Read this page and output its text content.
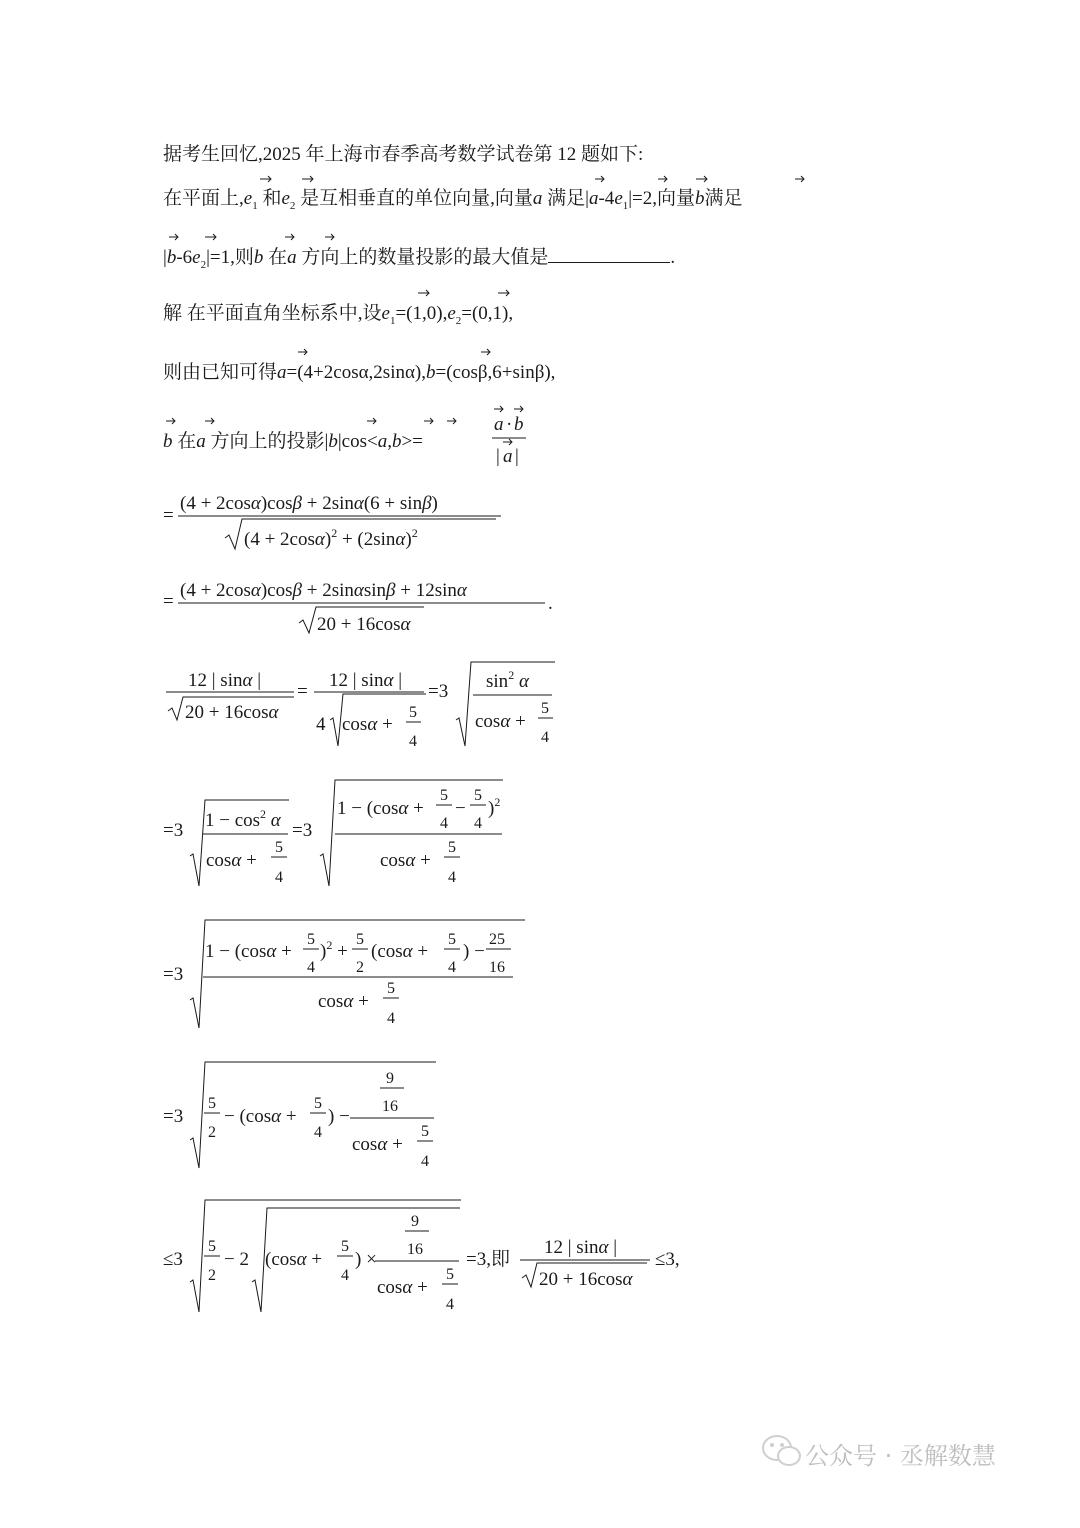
据考生回忆,2025 年上海市春季高考数学试卷第 12 题如下:
在平面上$,e_1$ 和$e_2$ 是互相垂直的单位向量,向量a 满足$|a-4e_1|=2$,向量b满足
$|b-6e_2|=1$,则b 在a 方向上的数量投影的最大值是	.
解 在平面直角坐标系中,设$e_1=(1,0),e_2=(0,1)$,
则由已知可得a=(4+2cosα,2sinα),b=(cosβ,6+sinβ),
b 在a 方向上的投影|b|cos<a,b>=
a · b
| a |
=
(4 + 2cosα)cosβ + 2sinα(6 + sinβ)
$(4 + 2\cos\alpha)^2 + (2\sin\alpha)^2$
=
(4 + 2cosα)cosβ + 2sinαsinβ + 12sinα
20 + 16cosα
.
12 | sinα |
20 + 16cosα
=
12 | sinα |
4 cosα +
5
4
=3 $\sin^2 \alpha$
cosα +
5
4
=3 $1 - \cos^2 \alpha$
cosα +
5
4
=3
1 − (cosα +
5
4
−
5
4
)$^2$
cosα +
5
4
=3
1 − (cosα +
5
4
)$^2$ +
5
2
(cosα +
5
4
) −
25
16
cosα +
5
4
=3
5
2
− (cosα +
5
4
) −
9
16
cosα +
5
4
≤3
5
2
− 2 (cosα +
5
4
) ×
9
16
cosα +
5
4
=3,即
12 | sinα |
20 + 16cosα
≤3,
公众号 · 丞解数慧
